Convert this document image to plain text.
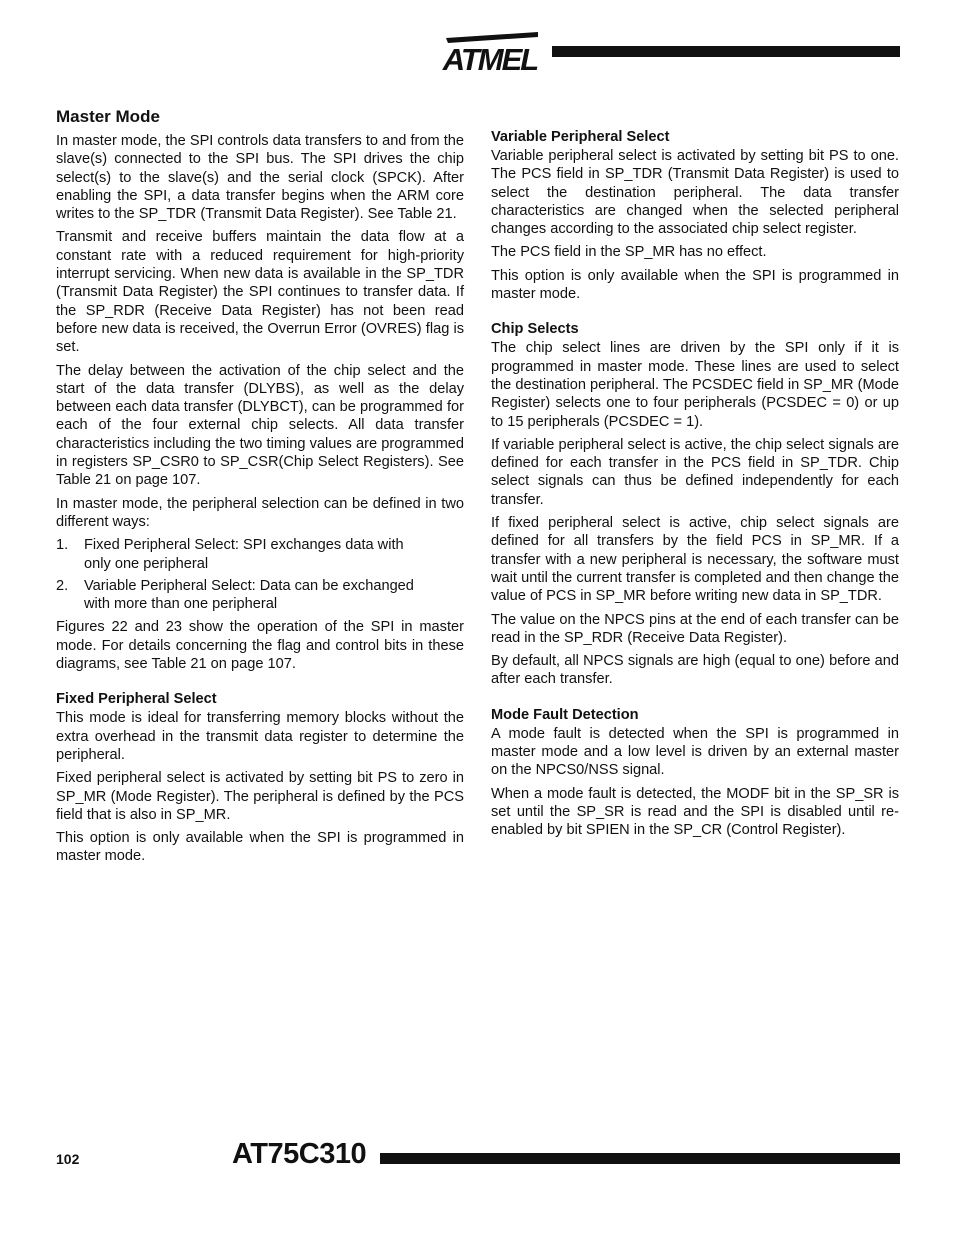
ATMEL
Master Mode

In master mode, the SPI controls data transfers to and from the slave(s) connected to the SPI bus. The SPI drives the chip select(s) to the slave(s) and the serial clock (SPCK). After enabling the SPI, a data transfer begins when the ARM core writes to the SP_TDR (Transmit Data Register). See Table 21.

Transmit and receive buffers maintain the data flow at a constant rate with a reduced requirement for high-priority interrupt servicing. When new data is available in the SP_TDR (Transmit Data Register) the SPI continues to transfer data. If the SP_RDR (Receive Data Register) has not been read before new data is received, the Overrun Error (OVRES) flag is set.

The delay between the activation of the chip select and the start of the data transfer (DLYBS), as well as the delay between each data transfer (DLYBCT), can be programmed for each of the four external chip selects. All data transfer characteristics including the two timing values are programmed in registers SP_CSR0 to SP_CSR(Chip Select Registers). See Table 21 on page 107.

In master mode, the peripheral selection can be defined in two different ways:

1. Fixed Peripheral Select: SPI exchanges data with only one peripheral
2. Variable Peripheral Select: Data can be exchanged with more than one peripheral

Figures 22 and 23 show the operation of the SPI in master mode. For details concerning the flag and control bits in these diagrams, see Table 21 on page 107.

Fixed Peripheral Select

This mode is ideal for transferring memory blocks without the extra overhead in the transmit data register to determine the peripheral.

Fixed peripheral select is activated by setting bit PS to zero in SP_MR (Mode Register). The peripheral is defined by the PCS field that is also in SP_MR.

This option is only available when the SPI is programmed in master mode.

Variable Peripheral Select

Variable peripheral select is activated by setting bit PS to one. The PCS field in SP_TDR (Transmit Data Register) is used to select the destination peripheral. The data transfer characteristics are changed when the selected peripheral changes according to the associated chip select register.

The PCS field in the SP_MR has no effect.

This option is only available when the SPI is programmed in master mode.

Chip Selects

The chip select lines are driven by the SPI only if it is programmed in master mode. These lines are used to select the destination peripheral. The PCSDEC field in SP_MR (Mode Register) selects one to four peripherals (PCSDEC = 0) or up to 15 peripherals (PCSDEC = 1).

If variable peripheral select is active, the chip select signals are defined for each transfer in the PCS field in SP_TDR. Chip select signals can thus be defined independently for each transfer.

If fixed peripheral select is active, chip select signals are defined for all transfers by the field PCS in SP_MR. If a transfer with a new peripheral is necessary, the software must wait until the current transfer is completed and then change the value of PCS in SP_MR before writing new data in SP_TDR.

The value on the NPCS pins at the end of each transfer can be read in the SP_RDR (Receive Data Register).

By default, all NPCS signals are high (equal to one) before and after each transfer.

Mode Fault Detection

A mode fault is detected when the SPI is programmed in master mode and a low level is driven by an external master on the NPCS0/NSS signal.

When a mode fault is detected, the MODF bit in the SP_SR is set until the SP_SR is read and the SPI is disabled until re-enabled by bit SPIEN in the SP_CR (Control Register).

102	AT75C310
